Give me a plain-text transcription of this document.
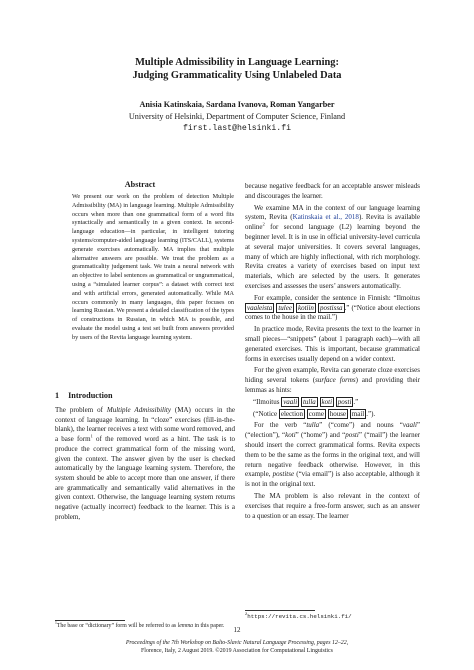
Multiple Admissibility in Language Learning:
Judging Grammaticality Using Unlabeled Data
Anisia Katinskaia, Sardana Ivanova, Roman Yangarber
University of Helsinki, Department of Computer Science, Finland
first.last@helsinki.fi
Abstract

We present our work on the problem of detection Multiple Admissibility (MA) in language learning. Multiple Admissibility occurs when more than one grammatical form of a word fits syntactically and semantically in a given context. In second-language education—in particular, in intelligent tutoring systems/computer-aided language learning (ITS/CALL), systems generate exercises automatically. MA implies that multiple alternative answers are possible. We treat the problem as a grammaticality judgement task. We train a neural network with an objective to label sentences as grammatical or ungrammatical, using a “simulated learner corpus”: a dataset with correct text and with artificial errors, generated automatically. While MA occurs commonly in many languages, this paper focuses on learning Russian. We present a detailed classification of the types of constructions in Russian, in which MA is possible, and evaluate the model using a test set built from answers provided by users of the Revita language learning system.

1 Introduction

The problem of Multiple Admissibility (MA) occurs in the context of language learning. In “cloze” exercises (fill-in-the-blank), the learner receives a text with some word removed, and a base form$^1$ of the removed word as a hint. The task is to produce the correct grammatical form of the missing word, given the context. The answer given by the user is checked automatically by the language learning system. Therefore, the system should be able to accept more than one answer, if there are grammatically and semantically valid alternatives in the given context. Otherwise, the language learning system returns negative (actually incorrect) feedback to the learner. This is a problem,

$^1$The base or “dictionary” form will be referred to as lemma in this paper.

because negative feedback for an acceptable answer misleads and discourages the learner.

We examine MA in the context of our language learning system, Revita (Katinskaia et al., 2018). Revita is available online$^2$ for second language (L2) learning beyond the beginner level. It is in use in official university-level curricula at several major universities. It covers several languages, many of which are highly inflectional, with rich morphology. Revita creates a variety of exercises based on input text materials, which are selected by the users. It generates exercises and assesses the users’ answers automatically.

For example, consider the sentence in Finnish: “Ilmoitus vaaleista tulee kotiin postissa .” (“Notice about elections comes to the house in the mail.”)

In practice mode, Revita presents the text to the learner in small pieces—“snippets” (about 1 paragraph each)—with all generated exercises. This is important, because grammatical forms in exercises usually depend on a wider context.

For the given example, Revita can generate cloze exercises hiding several tokens (surface forms) and providing their lemmas as hints:

“Ilmoitus vaali tulla koti posti .”
(“Notice election come house mail .”).

For the verb “tulla” (“come”) and nouns “vaali” (“election”), “koti” (“home”) and “posti” (“mail”) the learner should insert the correct grammatical forms. Revita expects them to be the same as the forms in the original text, and will return negative feedback otherwise. However, in this example, postitse (“via email”) is also acceptable, although it is not in the original text.

The MA problem is also relevant in the context of exercises that require a free-form answer, such as an answer to a question or an essay. The learner

$^2$https://revita.cs.helsinki.fi/

12
Proceedings of the 7th Workshop on Balto-Slavic Natural Language Processing, pages 12–22,
Florence, Italy, 2 August 2019. ©2019 Association for Computational Linguistics
